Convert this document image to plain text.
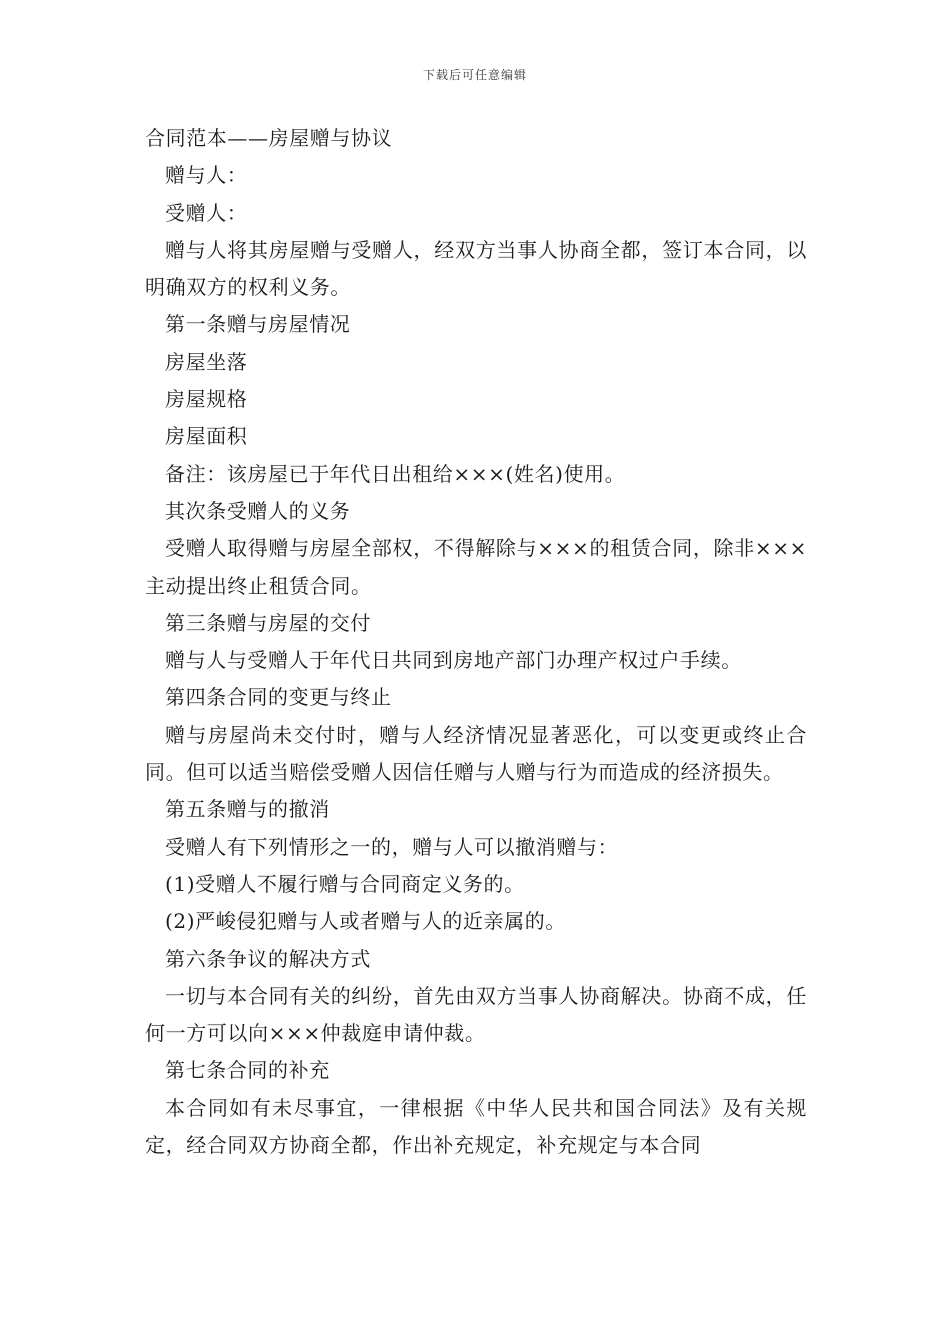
下载后可任意编辑

合同范本——房屋赠与协议

赠与人：

受赠人：

赠与人将其房屋赠与受赠人，经双方当事人协商全都，签订本合同，以明确双方的权利义务。

第一条赠与房屋情况

房屋坐落

房屋规格

房屋面积

备注：该房屋已于年代日出租给×××(姓名)使用。

其次条受赠人的义务

受赠人取得赠与房屋全部权，不得解除与×××的租赁合同，除非×××主动提出终止租赁合同。

第三条赠与房屋的交付

赠与人与受赠人于年代日共同到房地产部门办理产权过户手续。

第四条合同的变更与终止

赠与房屋尚未交付时，赠与人经济情况显著恶化，可以变更或终止合同。但可以适当赔偿受赠人因信任赠与人赠与行为而造成的经济损失。

第五条赠与的撤消

受赠人有下列情形之一的，赠与人可以撤消赠与：

(1)受赠人不履行赠与合同商定义务的。

(2)严峻侵犯赠与人或者赠与人的近亲属的。

第六条争议的解决方式

一切与本合同有关的纠纷，首先由双方当事人协商解决。协商不成，任何一方可以向×××仲裁庭申请仲裁。

第七条合同的补充

本合同如有未尽事宜，一律根据《中华人民共和国合同法》及有关规定，经合同双方协商全都，作出补充规定，补充规定与本合同
